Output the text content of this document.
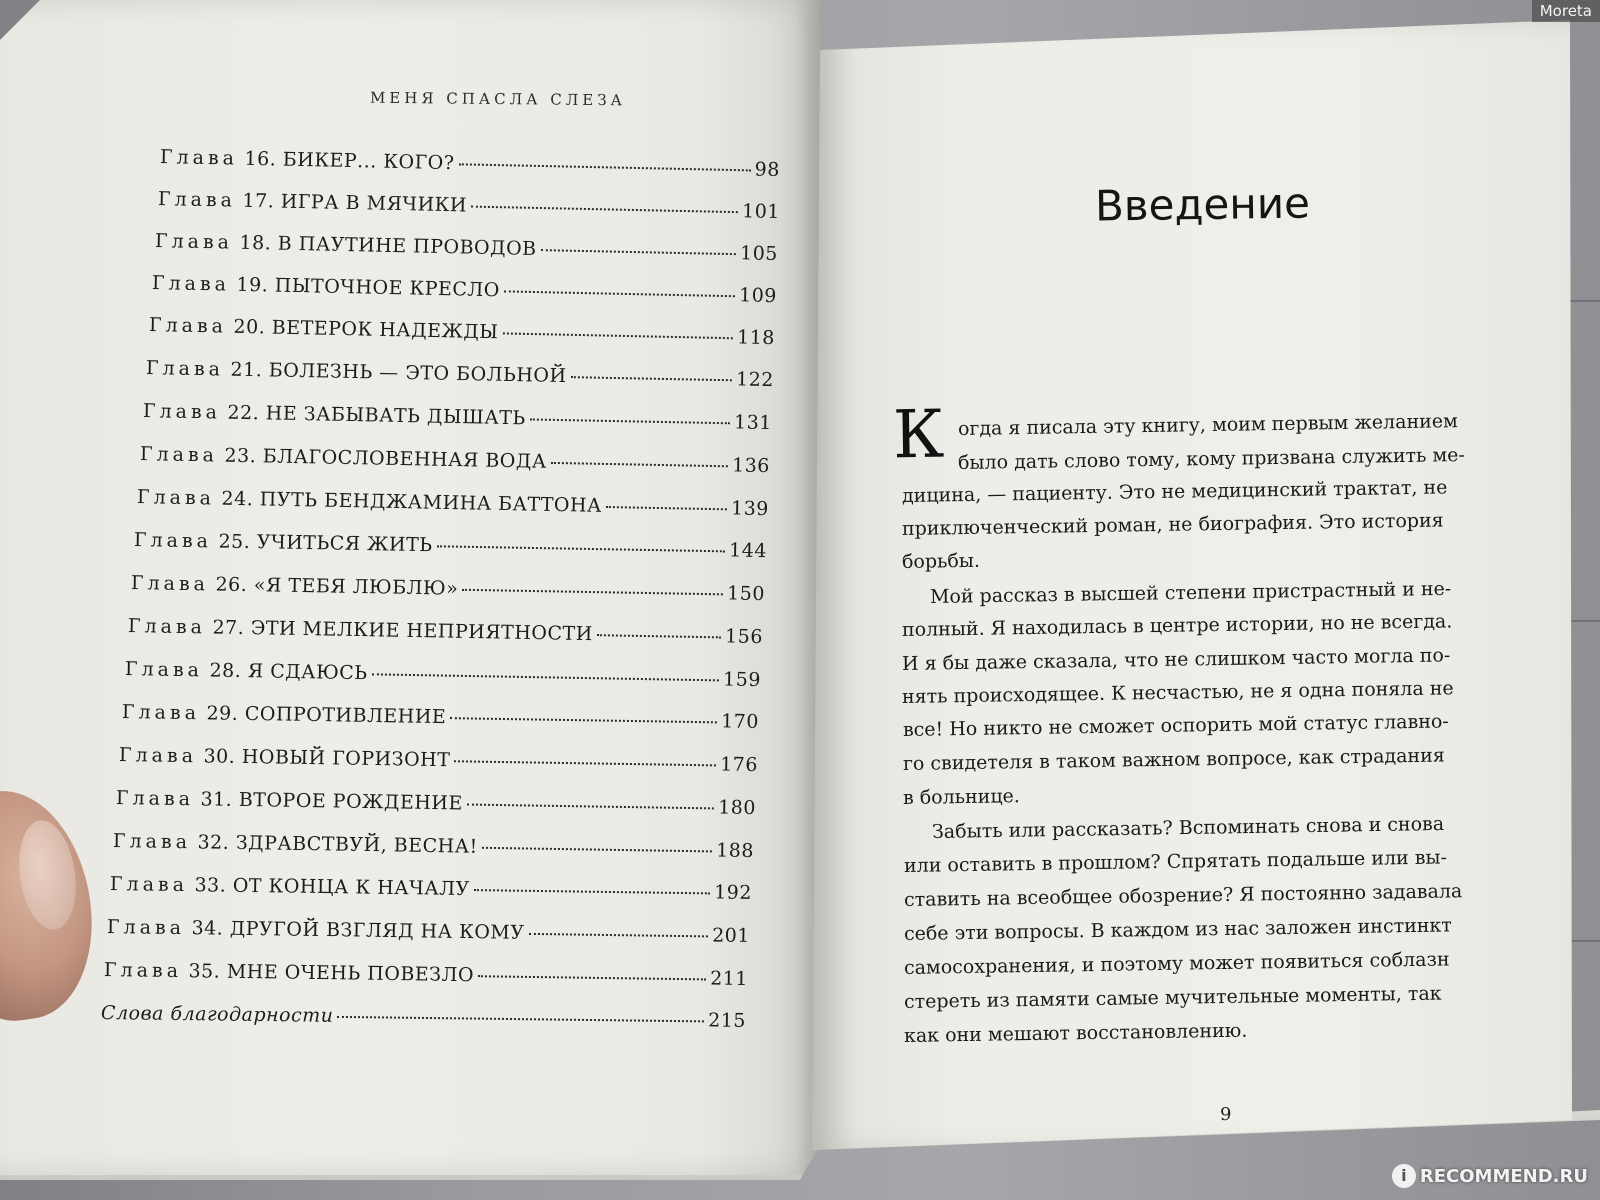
МЕНЯ СПАСЛА СЛЕЗА
Глава 16. БИКЕР... КОГО?	98
Глава 17. ИГРА В МЯЧИКИ	101
Глава 18. В ПАУТИНЕ ПРОВОДОВ	105
Глава 19. ПЫТОЧНОЕ КРЕСЛО	109
Глава 20. ВЕТЕРОК НАДЕЖДЫ	118
Глава 21. БОЛЕЗНЬ — ЭТО БОЛЬНОЙ	122
Глава 22. НЕ ЗАБЫВАТЬ ДЫШАТЬ	131
Глава 23. БЛАГОСЛОВЕННАЯ ВОДА	136
Глава 24. ПУТЬ БЕНДЖАМИНА БАТТОНА	139
Глава 25. УЧИТЬСЯ ЖИТЬ	144
Глава 26. «Я ТЕБЯ ЛЮБЛЮ»	150
Глава 27. ЭТИ МЕЛКИЕ НЕПРИЯТНОСТИ	156
Глава 28. Я СДАЮСЬ	159
Глава 29. СОПРОТИВЛЕНИЕ	170
Глава 30. НОВЫЙ ГОРИЗОНТ	176
Глава 31. ВТОРОЕ РОЖДЕНИЕ	180
Глава 32. ЗДРАВСТВУЙ, ВЕСНА!	188
Глава 33. ОТ КОНЦА К НАЧАЛУ	192
Глава 34. ДРУГОЙ ВЗГЛЯД НА КОМУ	201
Глава 35. МНЕ ОЧЕНЬ ПОВЕЗЛО	211
Слова благодарности	215
Введение
К огда я писала эту книгу, моим первым желанием
было дать слово тому, кому призвана служить ме-
дицина, — пациенту. Это не медицинский трактат, не
приключенческий роман, не биография. Это история
борьбы.
Мой рассказ в высшей степени пристрастный и не-
полный. Я находилась в центре истории, но не всегда.
И я бы даже сказала, что не слишком часто могла по-
нять происходящее. К несчастью, не я одна поняла не
все! Но никто не сможет оспорить мой статус главно-
го свидетеля в таком важном вопросе, как страдания
в больнице.
Забыть или рассказать? Вспоминать снова и снова
или оставить в прошлом? Спрятать подальше или вы-
ставить на всеобщее обозрение? Я постоянно задавала
себе эти вопросы. В каждом из нас заложен инстинкт
самосохранения, и поэтому может появиться соблазн
стереть из памяти самые мучительные моменты, так
как они мешают восстановлению.
9
Moreta
i RECOMMEND.RU
